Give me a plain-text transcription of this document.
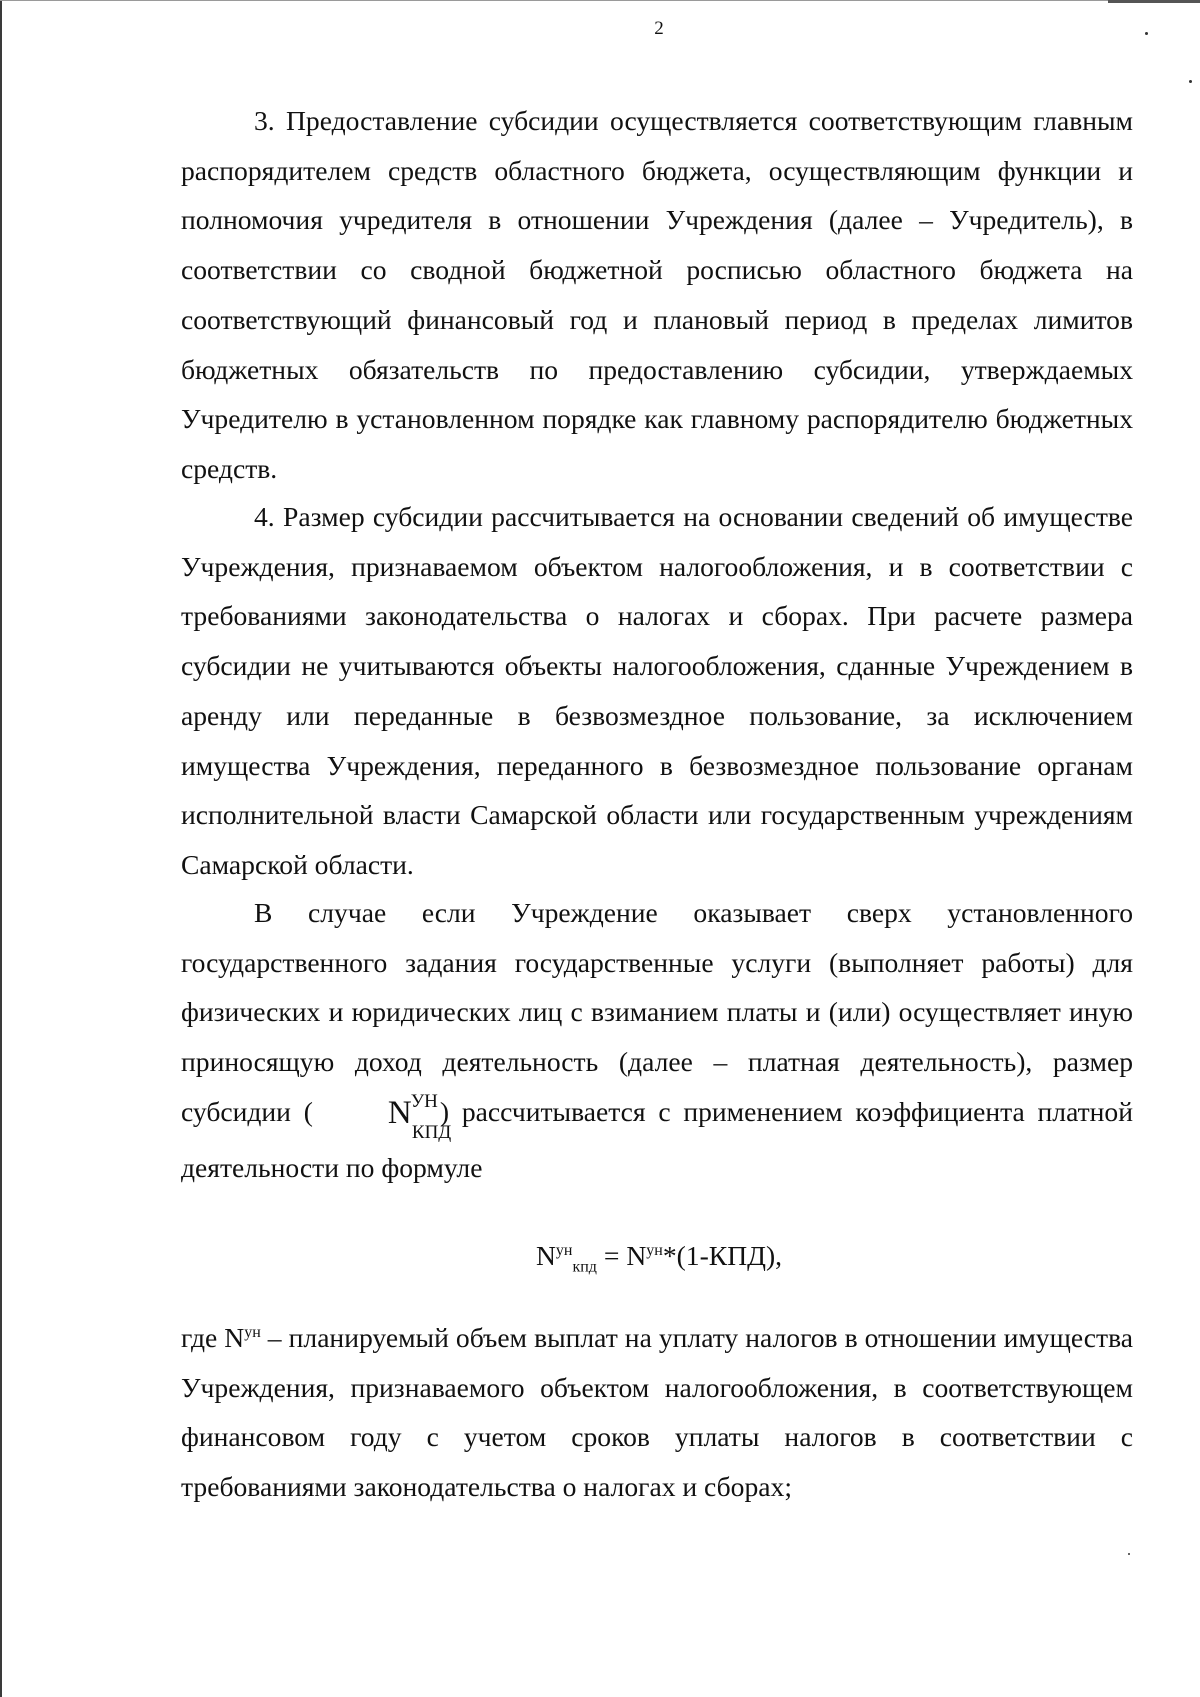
2

3. Предоставление субсидии осуществляется соответствующим главным распорядителем средств областного бюджета, осуществляющим функции и полномочия учредителя в отношении Учреждения (далее – Учредитель), в соответствии со сводной бюджетной росписью областного бюджета на соответствующий финансовый год и плановый период в пределах лимитов бюджетных обязательств по предоставлению субсидии, утверждаемых Учредителю в установленном порядке как главному распорядителю бюджетных средств.

4. Размер субсидии рассчитывается на основании сведений об имуществе Учреждения, признаваемом объектом налогообложения, и в соответствии с требованиями законодательства о налогах и сборах. При расчете размера субсидии не учитываются объекты налогообложения, сданные Учреждением в аренду или переданные в безвозмездное пользование, за исключением имущества Учреждения, переданного в безвозмездное пользование органам исполнительной власти Самарской области или государственным учреждениям Самарской области.

В случае если Учреждение оказывает сверх установленного государственного задания государственные услуги (выполняет работы) для физических и юридических лиц с взиманием платы и (или) осуществляет иную приносящую доход деятельность (далее – платная деятельность), размер субсидии ( $N^{УН}$
КПД
) рассчитывается с применением коэффициента платной деятельности по формуле

$N^{ун}_{кпд} = N^{ун}*(1-КПД)$,

где $N^{ун}$ – планируемый объем выплат на уплату налогов в отношении имущества Учреждения, признаваемого объектом налогообложения, в соответствующем финансовом году с учетом сроков уплаты налогов в соответствии с требованиями законодательства о налогах и сборах;
